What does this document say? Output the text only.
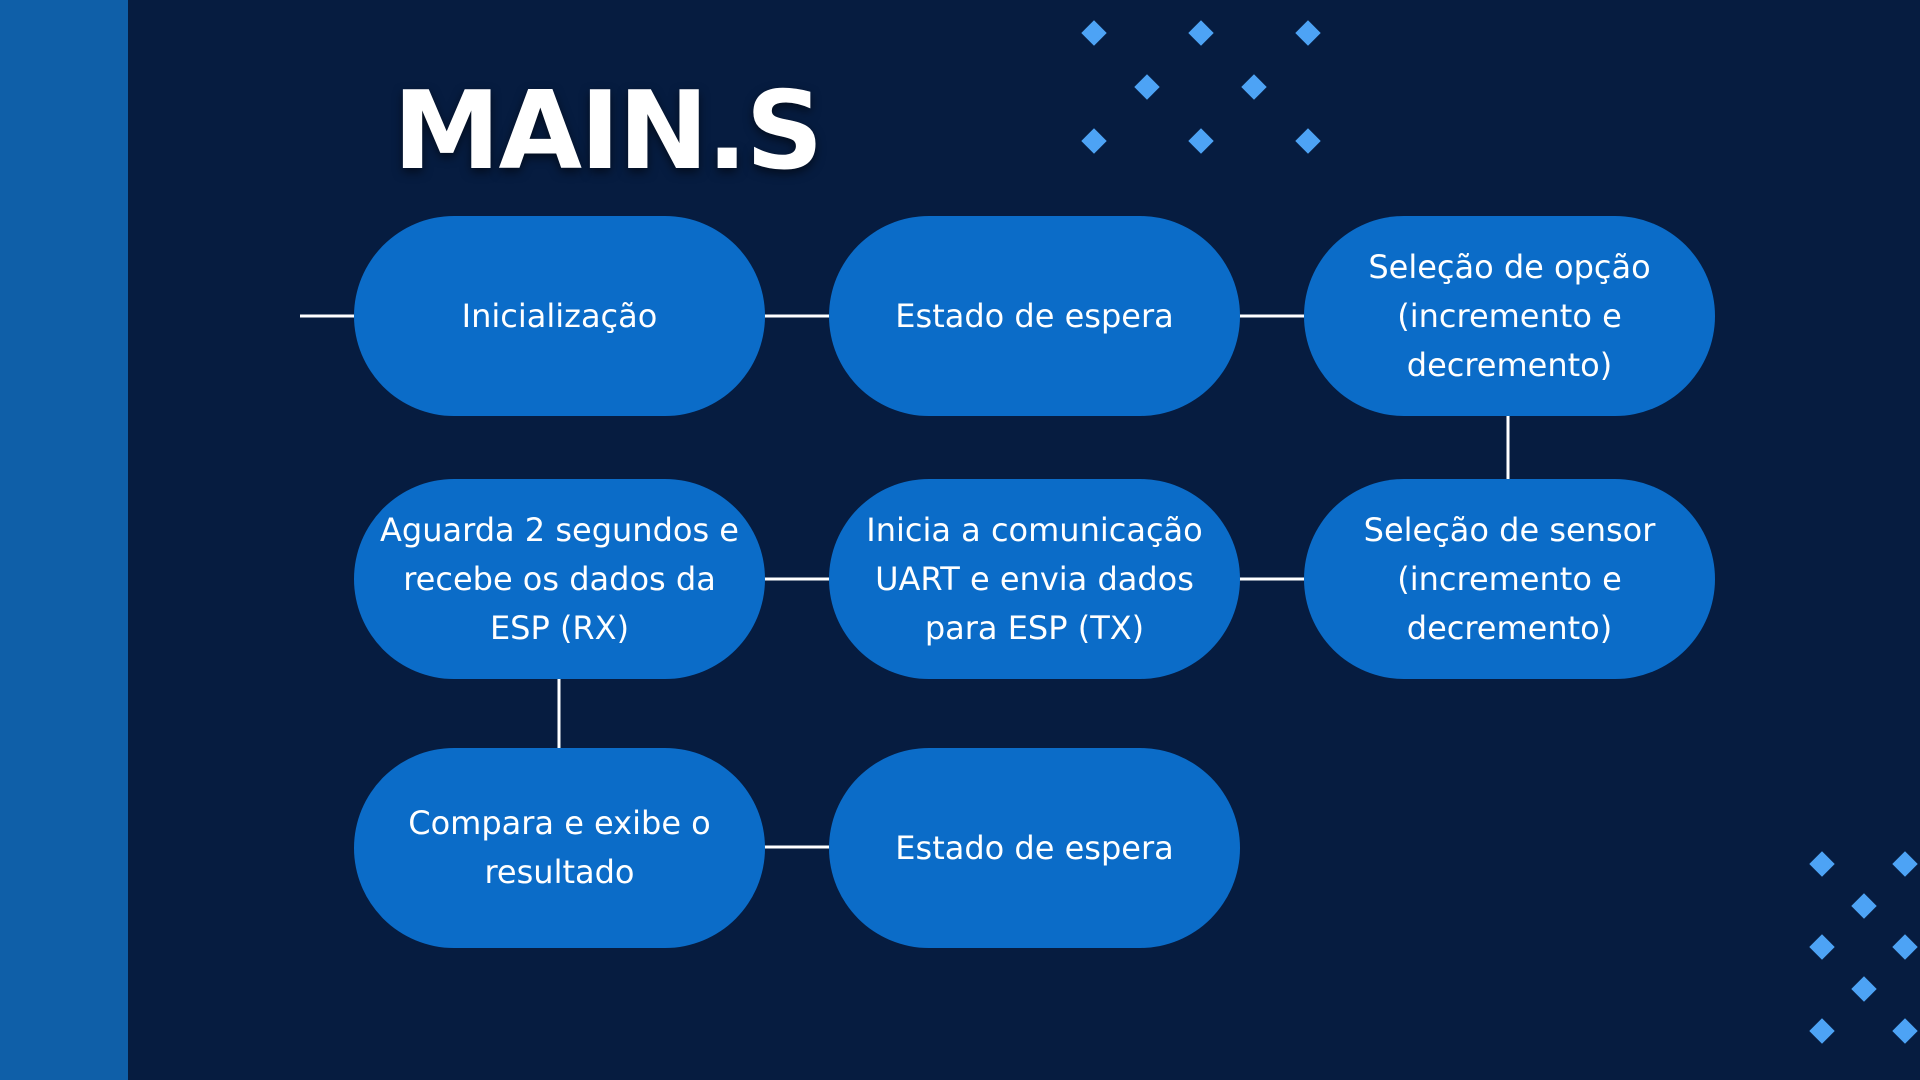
MAIN.S
Inicialização	Estado de espera
Seleção de opção
(incremento e
decremento)
Seleção de sensor
(incremento e
decremento)
Inicia a comunicação
UART e envia dados
para ESP (TX)
Aguarda 2 segundos e
recebe os dados da
ESP (RX)
Compara e exibe o
resultado
Estado de espera
